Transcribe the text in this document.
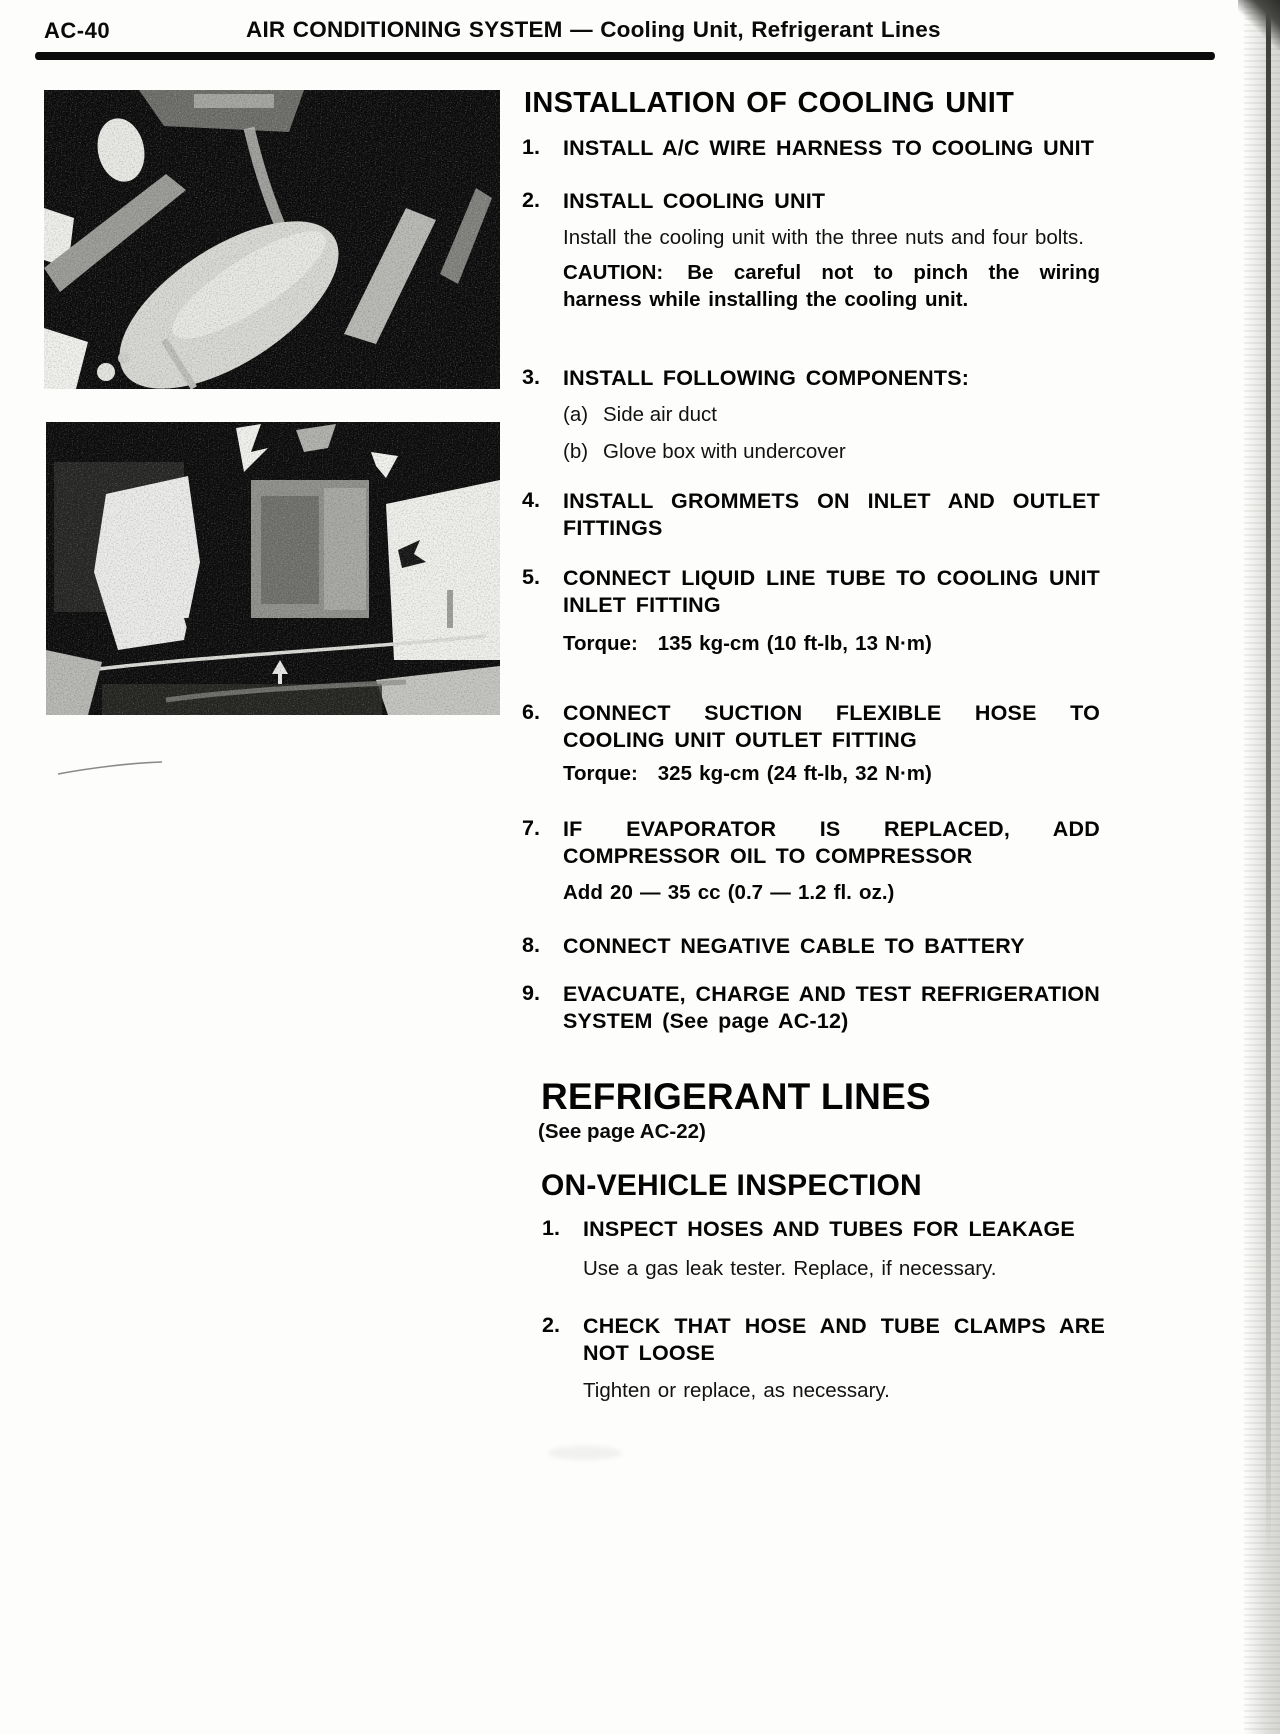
AC-40	AIR CONDITIONING SYSTEM — Cooling Unit, Refrigerant Lines
INSTALLATION OF COOLING UNIT
1. INSTALL A/C WIRE HARNESS TO COOLING UNIT
2. INSTALL COOLING UNIT
Install the cooling unit with the three nuts and four bolts.
CAUTION: Be careful not to pinch the wiring harness while installing the cooling unit.
3. INSTALL FOLLOWING COMPONENTS:
(a) Side air duct
(b) Glove box with undercover
4. INSTALL GROMMETS ON INLET AND OUTLET FITTINGS
5. CONNECT LIQUID LINE TUBE TO COOLING UNIT INLET FITTING
Torque: 135 kg-cm (10 ft-lb, 13 N·m)
6. CONNECT SUCTION FLEXIBLE HOSE TO COOLING UNIT OUTLET FITTING
Torque: 325 kg-cm (24 ft-lb, 32 N·m)
7. IF EVAPORATOR IS REPLACED, ADD COMPRESSOR OIL TO COMPRESSOR
Add 20 — 35 cc (0.7 — 1.2 fl. oz.)
8. CONNECT NEGATIVE CABLE TO BATTERY
9. EVACUATE, CHARGE AND TEST REFRIGERATION SYSTEM (See page AC-12)
REFRIGERANT LINES
(See page AC-22)
ON-VEHICLE INSPECTION
1. INSPECT HOSES AND TUBES FOR LEAKAGE
Use a gas leak tester. Replace, if necessary.
2. CHECK THAT HOSE AND TUBE CLAMPS ARE NOT LOOSE
Tighten or replace, as necessary.
